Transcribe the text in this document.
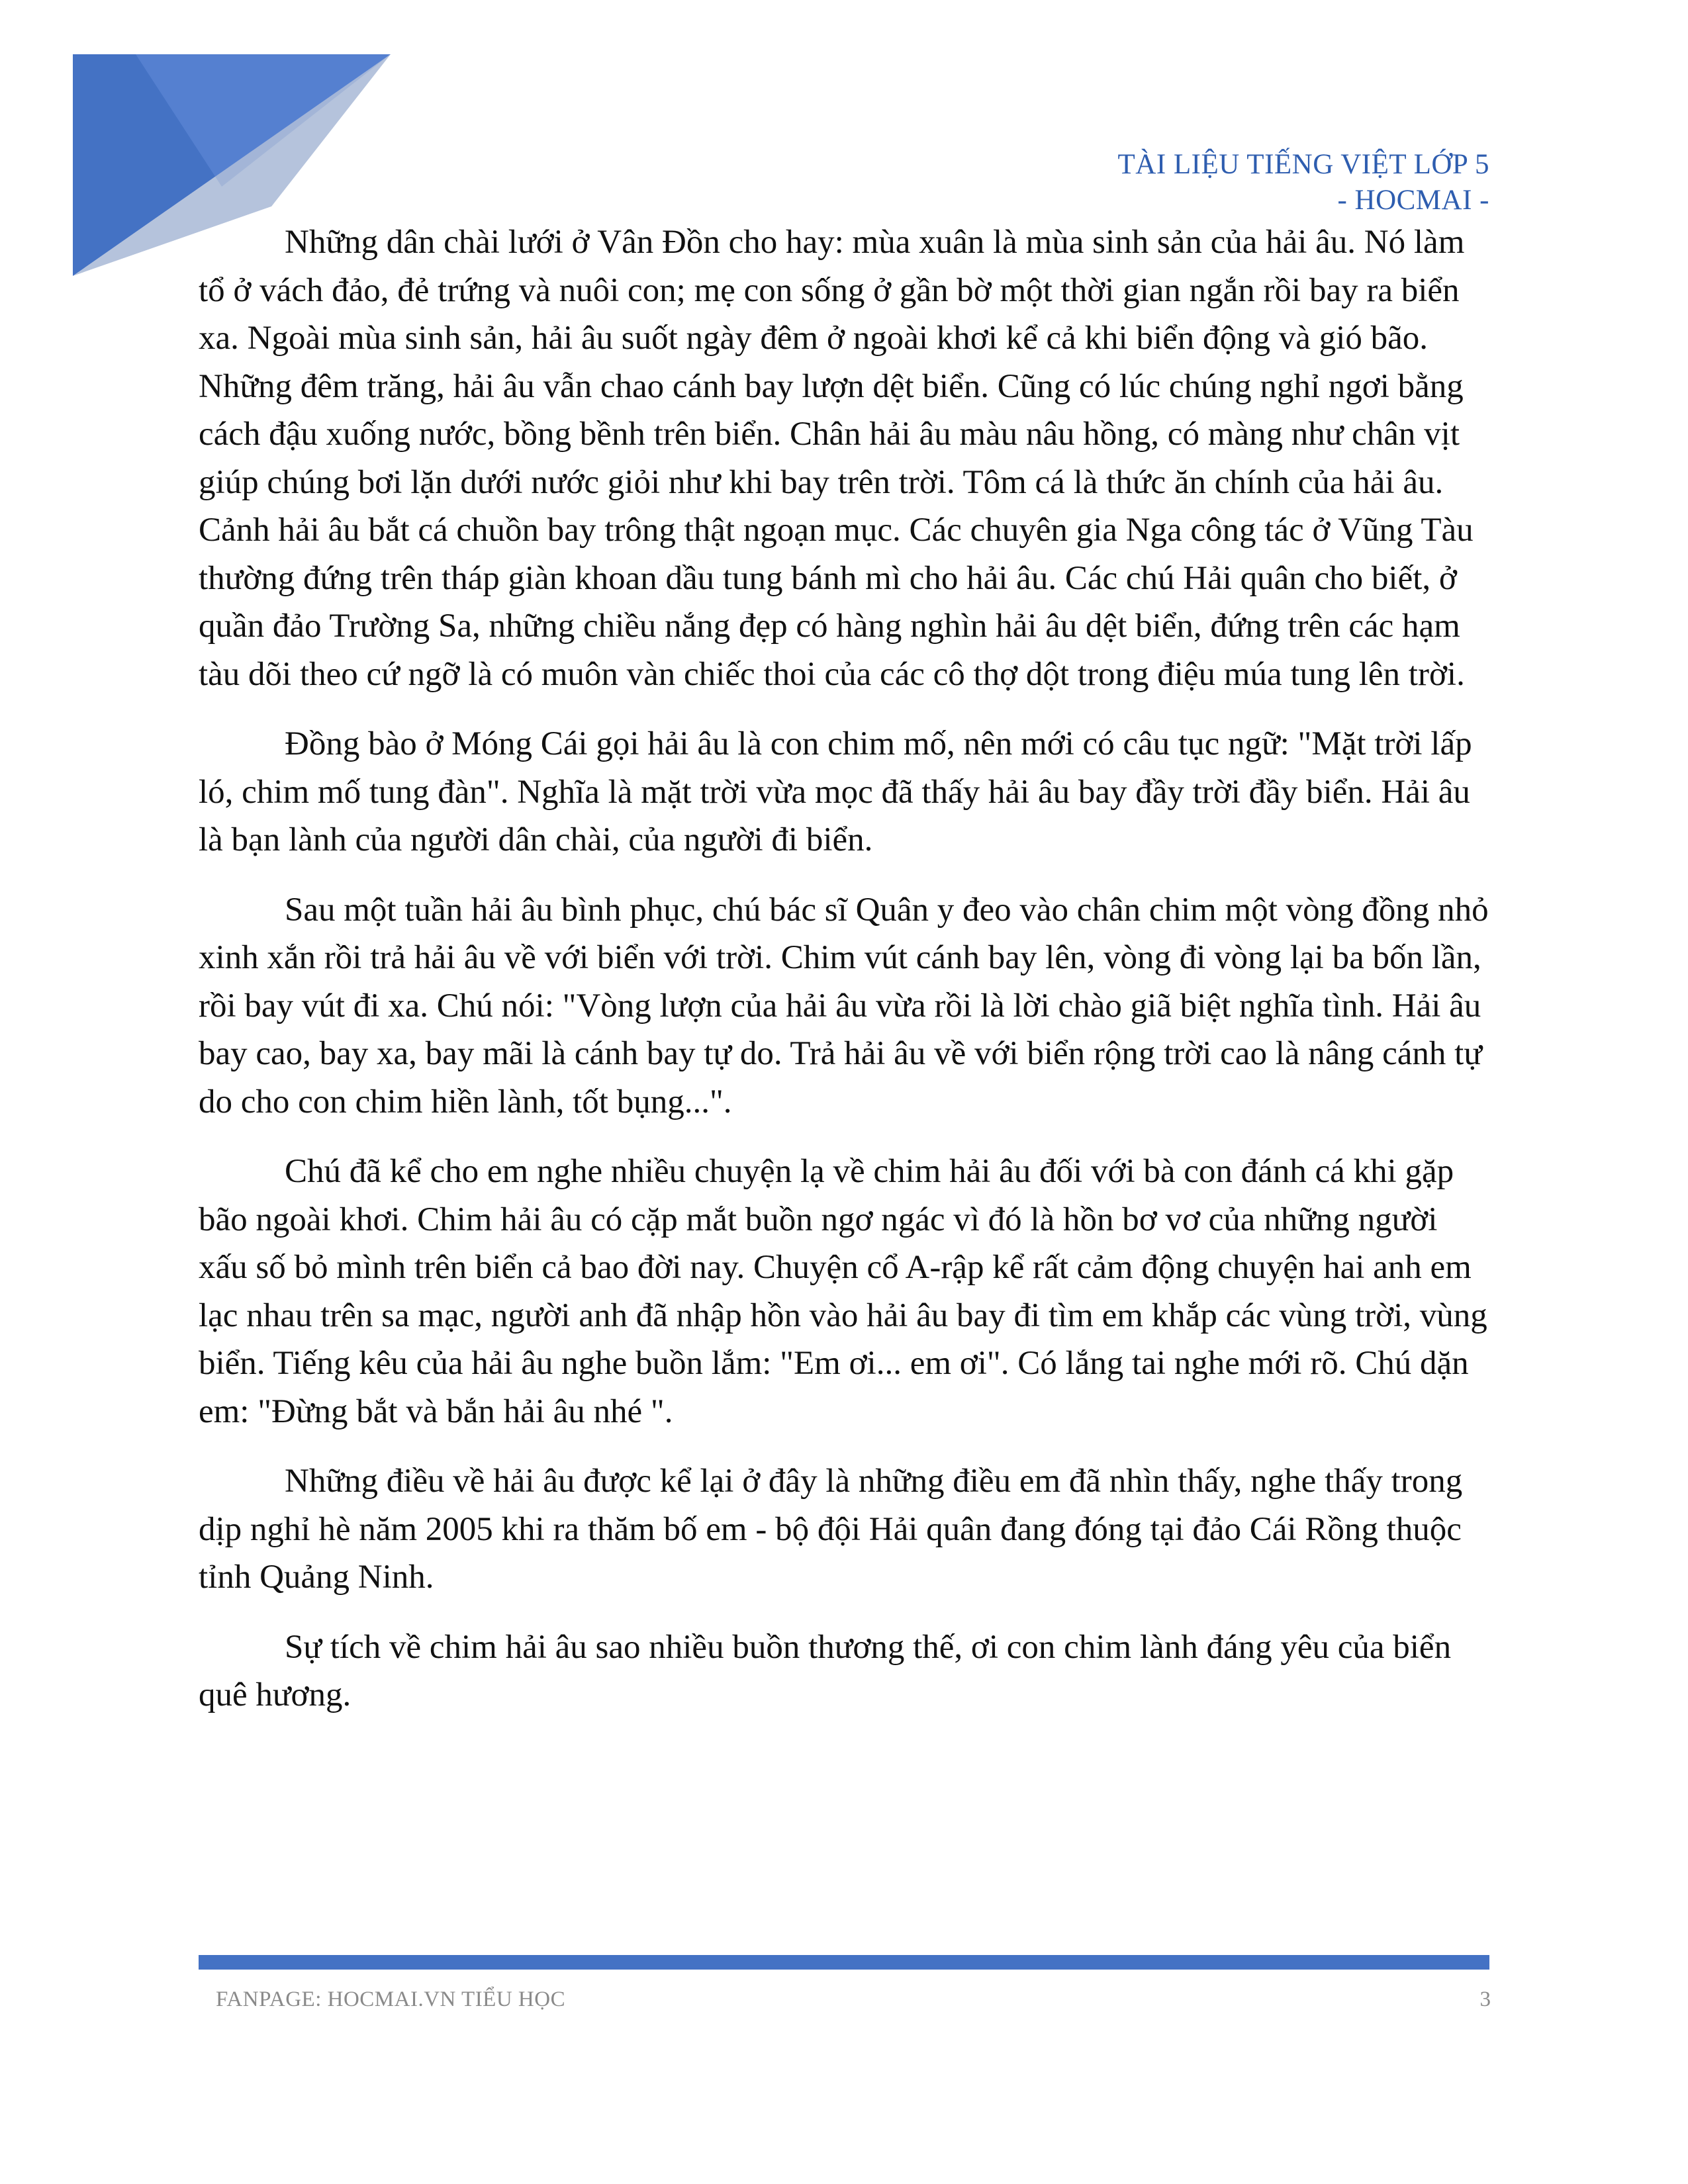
TÀI LIỆU TIẾNG VIỆT LỚP 5
- HOCMAI -

Những dân chài lưới ở Vân Đồn cho hay: mùa xuân là mùa sinh sản của hải âu. Nó làm tổ ở vách đảo, đẻ trứng và nuôi con; mẹ con sống ở gần bờ một thời gian ngắn rồi bay ra biển xa. Ngoài mùa sinh sản, hải âu suốt ngày đêm ở ngoài khơi kể cả khi biển động và gió bão. Những đêm trăng, hải âu vẫn chao cánh bay lượn dệt biển. Cũng có lúc chúng nghỉ ngơi bằng cách đậu xuống nước, bồng bềnh trên biển. Chân hải âu màu nâu hồng, có màng như chân vịt giúp chúng bơi lặn dưới nước giỏi như khi bay trên trời. Tôm cá là thức ăn chính của hải âu. Cảnh hải âu bắt cá chuồn bay trông thật ngoạn mục. Các chuyên gia Nga công tác ở Vũng Tàu thường đứng trên tháp giàn khoan dầu tung bánh mì cho hải âu. Các chú Hải quân cho biết, ở quần đảo Trường Sa, những chiều nắng đẹp có hàng nghìn hải âu dệt biển, đứng trên các hạm tàu dõi theo cứ ngỡ là có muôn vàn chiếc thoi của các cô thợ dột trong điệu múa tung lên trời.

Đồng bào ở Móng Cái gọi hải âu là con chim mố, nên mới có câu tục ngữ: "Mặt trời lấp ló, chim mố tung đàn". Nghĩa là mặt trời vừa mọc đã thấy hải âu bay đầy trời đầy biển. Hải âu là bạn lành của người dân chài, của người đi biển.

Sau một tuần hải âu bình phục, chú bác sĩ Quân y đeo vào chân chim một vòng đồng nhỏ xinh xắn rồi trả hải âu về với biển với trời. Chim vút cánh bay lên, vòng đi vòng lại ba bốn lần, rồi bay vút đi xa. Chú nói: "Vòng lượn của hải âu vừa rồi là lời chào giã biệt nghĩa tình. Hải âu bay cao, bay xa, bay mãi là cánh bay tự do. Trả hải âu về với biển rộng trời cao là nâng cánh tự do cho con chim hiền lành, tốt bụng...".

Chú đã kể cho em nghe nhiều chuyện lạ về chim hải âu đối với bà con đánh cá khi gặp bão ngoài khơi. Chim hải âu có cặp mắt buồn ngơ ngác vì đó là hồn bơ vơ của những người xấu số bỏ mình trên biển cả bao đời nay. Chuyện cổ A-rập kể rất cảm động chuyện hai anh em lạc nhau trên sa mạc, người anh đã nhập hồn vào hải âu bay đi tìm em khắp các vùng trời, vùng biển. Tiếng kêu của hải âu nghe buồn lắm: "Em ơi... em ơi". Có lắng tai nghe mới rõ. Chú dặn em: "Đừng bắt và bắn hải âu nhé ".

Những điều về hải âu được kể lại ở đây là những điều em đã nhìn thấy, nghe thấy trong dịp nghỉ hè năm 2005 khi ra thăm bố em - bộ đội Hải quân đang đóng tại đảo Cái Rồng thuộc tỉnh Quảng Ninh.

Sự tích về chim hải âu sao nhiều buồn thương thế, ơi con chim lành đáng yêu của biển quê hương.

FANPAGE: HOCMAI.VN TIỂU HỌC	3
